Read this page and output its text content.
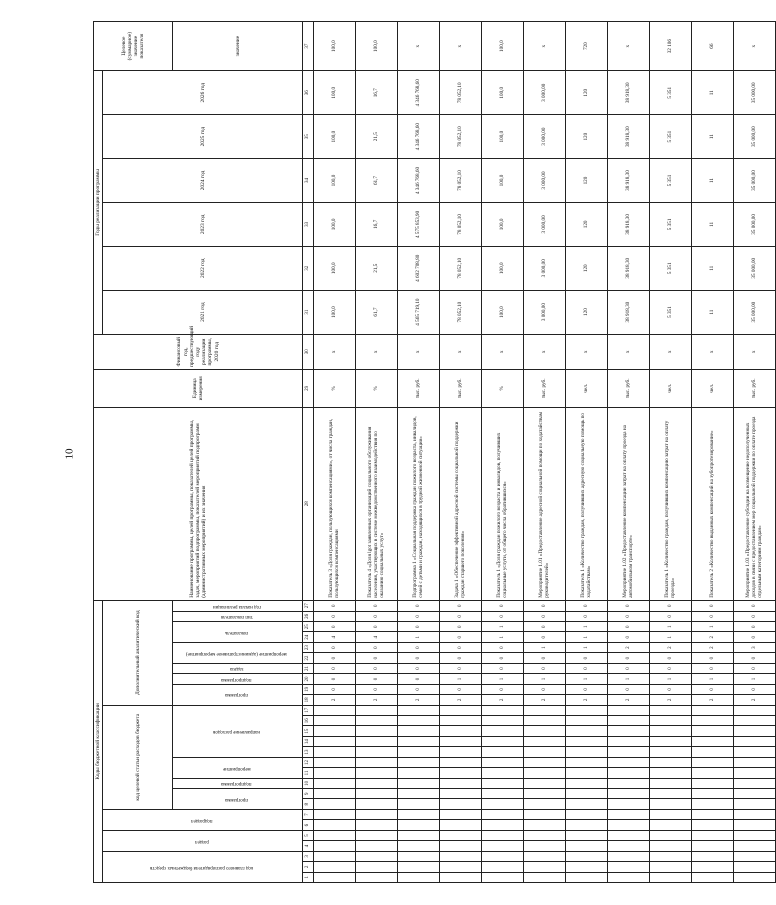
10
Коды бюджетной классификации																											Наименование программы, целей программы, показателей целей программы, задач, мероприятий подпрограммы, показателей мероприятий подпрограмм (административных мероприятий) и их значения	Единица измерения	Финансовый год, предшествующий году реализации программы, 2020 год	Годы реализации программы						Целевое (суммарное) значение показателя
код главного распорядителя бюджетных средств			раздел		подраздел		код целевой статьи расходов бюджета										Дополнительный аналитический код													2021 год	2022 год	2023 год	2024 год	2025 год	2026 год	
							программа		подпрограмма	мероприятие		направление расходов					программа		подпрограмма	задача	мероприятие (административное мероприятие)		показатель		тип показателя	год начала реализации										значение
1	2	3	4	5	6	7	8	9	10	11	12	13	14	15	16	17	18	19	20	21	22	23	24	25	26	27	28	29	30	31	32	33	34	35	36	37
																	2	0	0	0	0	0	4	0	0	0	Показатель 3 «Доля граждан, пользующихся компенсациями», от числа граждан, пользующихся компенсациями	%	х	100,0	100,0	100,0	100,0	100,0	100,0	100,0
																	2	0	0	0	0	0	4	0	0	0	Показатель 4 «Доля lgot заявленных организаций социального обслуживания населения, участвующих в системе межведомственного взаимодействия по оказанию социальных услуг»	%	х	61,7	21,5	16,7	61,7	21,5	16,7	100,0
																	2	0	0	0	0	0	1	0	0	0	Подпрограмма 1 «Социальная поддержка граждан пожилого возраста, инвалидов, семей с детьми и граждан, находящихся в трудной жизненной ситуации»	тыс. руб.	х	4 565 719,10	4 602 708,80	4 575 853,90	4 346 768,60	4 346 768,60	4 346 768,60	х
																	2	0	1	0	0	0	0	0	0	0	Задача 1 «Обеспечение эффективной адресной системы социальной поддержки граждан старшего поколения»	тыс. руб.	х	78 052,10	78 052,10	78 052,10	78 052,10	78 052,10	78 052,10	х
																	2	0	1	0	0	0	1	1	0	0	Показатель 1 «Доля граждан пожилого возраста и инвалидов, получивших социальные услуги, от общего числа обратившихся»	%	х	100,0	100,0	100,0	100,0	100,0	100,0	100,0
																	2	0	1	0	0	1	0	0	0	0	Мероприятие 1.01 «Предоставление адресной социальной помощи по ходатайствам руководителей»	тыс. руб.	х	3 000,00	3 000,00	3 000,00	3 000,00	3 000,00	3 000,00	х
																	2	0	1	0	0	1	1	1	0	0	Показатель 1 «Количество граждан, получивших адресную социальную помощь по ходатайствам»	чел.	х	120	120	120	120	120	120	720
																	2	0	1	0	0	2	0	0	0	0	Мероприятие 1.02 «Предоставление компенсации затрат на оплату проезда на автомобильном транспорте»	тыс. руб.	х	38 918,30	38 918,30	38 918,30	38 918,30	38 918,30	38 918,30	х
																	2	0	1	0	0	2	1	1	0	0	Показатель 1 «Количество граждан, получивших компенсацию затрат на оплату проезда»	чел.	х	5 351	5 351	5 351	5 351	5 351	5 351	32 106
																	2	0	1	0	0	2	2	1	0	0	Показатель 2 «Количество выданных компенсаций на зубопротезирование»	чел.	х	11	11	11	11	11	11	66
																	2	0	1	0	0	3	0	0	0	0	Мероприятие 1.03 «Предоставление субсидии на возмещение недополученных доходов в связи с предоставлением мер социальной поддержки по оплате проезда отдельным категориям граждан»	тыс. руб.	х	35 000,00	35 000,00	35 000,00	35 000,00	35 000,00	35 000,00	х
